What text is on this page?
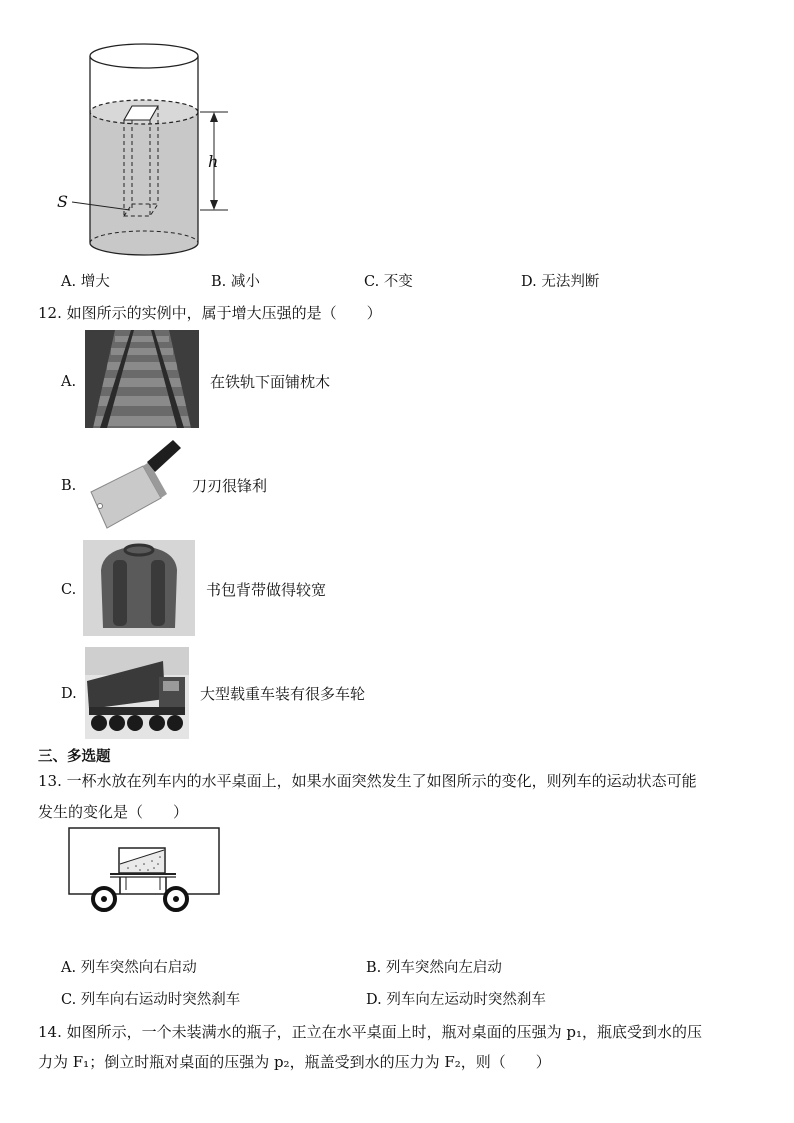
S
h
A. 增大	B. 减小	C. 不变	D. 无法判断
12. 如图所示的实例中，属于增大压强的是（　　）
A.	在铁轨下面铺枕木
B.	刀刃很锋利
C.	书包背带做得较宽
D.	大型载重车装有很多车轮
三、多选题
13. 一杯水放在列车内的水平桌面上，如果水面突然发生了如图所示的变化，则列车的运动状态可能
发生的变化是（　　）
A. 列车突然向右启动	B. 列车突然向左启动
C. 列车向右运动时突然刹车	D. 列车向左运动时突然刹车
14. 如图所示，一个未装满水的瓶子，正立在水平桌面上时，瓶对桌面的压强为 p₁，瓶底受到水的压
力为 F₁；倒立时瓶对桌面的压强为 p₂，瓶盖受到水的压力为 F₂，则（　　）
